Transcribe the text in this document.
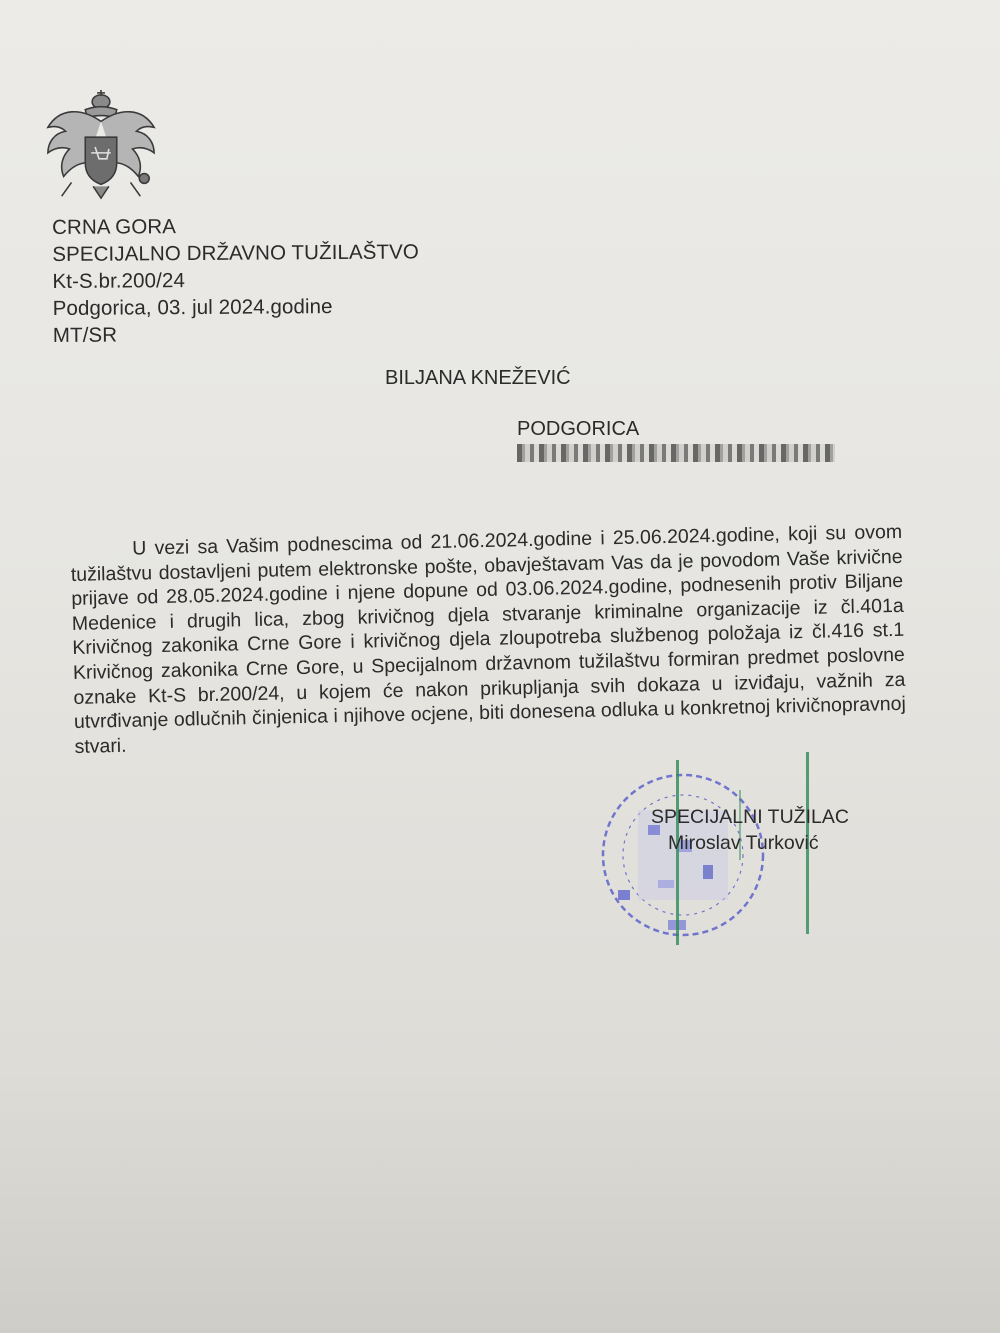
CRNA GORA
SPECIJALNO DRŽAVNO TUŽILAŠTVO
Kt-S.br.200/24
Podgorica, 03. jul 2024.godine
MT/SR
BILJANA KNEŽEVIĆ
PODGORICA
U vezi sa Vašim podnescima od 21.06.2024.godine i 25.06.2024.godine, koji su ovom tužilaštvu dostavljeni putem elektronske pošte, obavještavam Vas da je povodom Vaše krivične prijave od 28.05.2024.godine i njene dopune od 03.06.2024.godine, podnesenih protiv Biljane Medenice i drugih lica, zbog krivičnog djela stvaranje kriminalne organizacije iz čl.401a Krivičnog zakonika Crne Gore i krivičnog djela zloupotreba službenog položaja iz čl.416 st.1 Krivičnog zakonika Crne Gore, u Specijalnom državnom tužilaštvu formiran predmet poslovne oznake Kt-S br.200/24, u kojem će nakon prikupljanja svih dokaza u izviđaju, važnih za utvrđivanje odlučnih činjenica i njihove ocjene, biti donesena odluka u konkretnoj krivičnopravnoj stvari.
SPECIJALNI TUŽILAC
Miroslav Turković
